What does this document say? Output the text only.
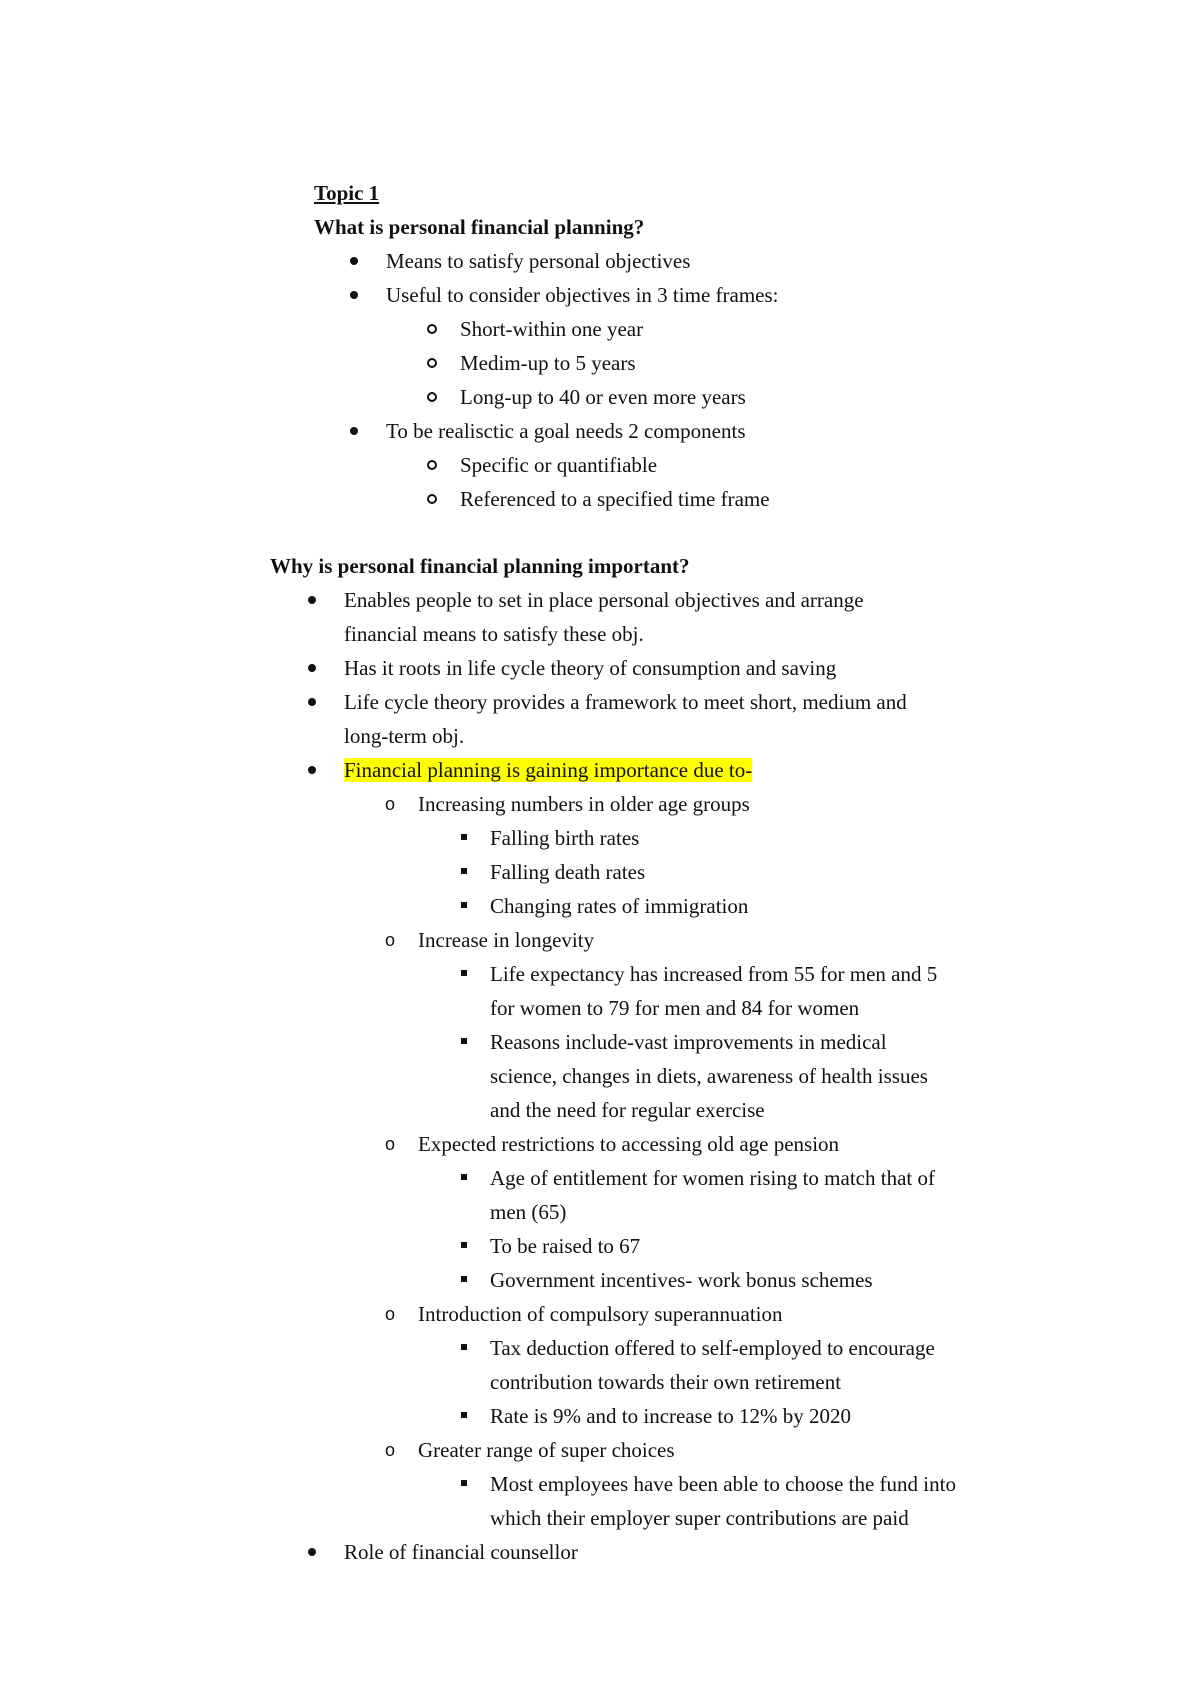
Topic 1
What is personal financial planning?
Means to satisfy personal objectives
Useful to consider objectives in 3 time frames:
Short-within one year
Medim-up to 5 years
Long-up to 40 or even more years
To be realisctic a goal needs 2 components
Specific or quantifiable
Referenced to a specified time frame
Why is personal financial planning important?
Enables people to set in place personal objectives and arrange
financial means to satisfy these obj.
Has it roots in life cycle theory of consumption and saving
Life cycle theory provides a framework to meet short, medium and
long-term obj.
Financial planning is gaining importance due to-
o Increasing numbers in older age groups
Falling birth rates
Falling death rates
Changing rates of immigration
o Increase in longevity
Life expectancy has increased from 55 for men and 5
for women to 79 for men and 84 for women
Reasons include-vast improvements in medical
science, changes in diets, awareness of health issues
and the need for regular exercise
o Expected restrictions to accessing old age pension
Age of entitlement for women rising to match that of
men (65)
To be raised to 67
Government incentives- work bonus schemes
o Introduction of compulsory superannuation
Tax deduction offered to self-employed to encourage
contribution towards their own retirement
Rate is 9% and to increase to 12% by 2020
o Greater range of super choices
Most employees have been able to choose the fund into
which their employer super contributions are paid
Role of financial counsellor
